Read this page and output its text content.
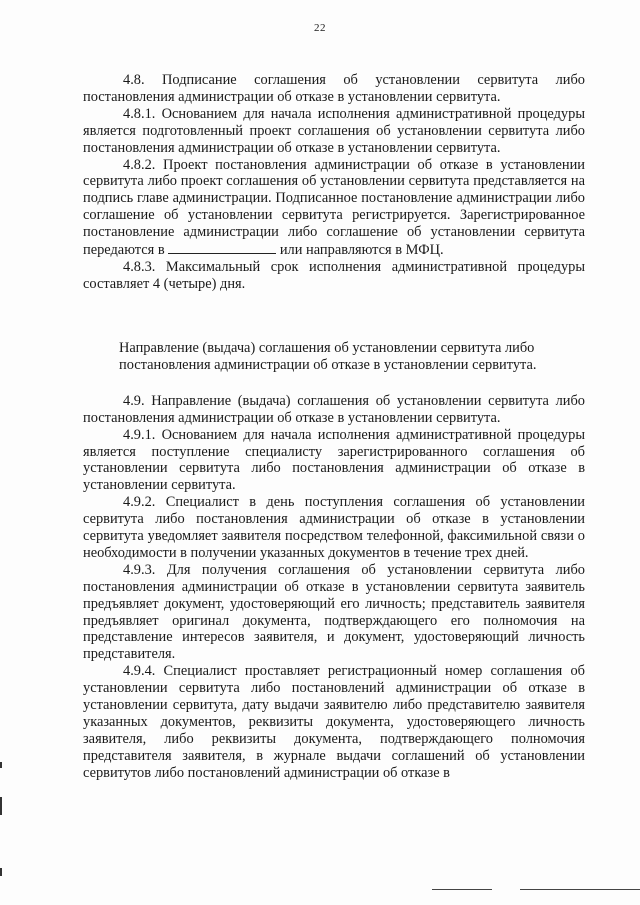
22

4.8. Подписание соглашения об установлении сервитута либо постановления администрации об отказе в установлении сервитута.

4.8.1. Основанием для начала исполнения административной процедуры является подготовленный проект соглашения об установлении сервитута либо постановления администрации об отказе в установлении сервитута.

4.8.2. Проект постановления администрации об отказе в установлении сервитута либо проект соглашения об установлении сервитута представляется на подпись главе администрации. Подписанное постановление администрации либо соглашение об установлении сервитута регистрируется. Зарегистрированное постановление администрации либо соглашение об установлении сервитута передаются в	или направляются в МФЦ.

4.8.3. Максимальный срок исполнения административной процедуры составляет 4 (четыре) дня.

Направление (выдача) соглашения об установлении сервитута либо
постановления администрации об отказе в установлении сервитута.

4.9. Направление (выдача) соглашения об установлении сервитута либо постановления администрации об отказе в установлении сервитута.

4.9.1. Основанием для начала исполнения административной процедуры является поступление специалисту зарегистрированного соглашения об установлении сервитута либо постановления администрации об отказе в установлении сервитута.

4.9.2. Специалист в день поступления соглашения об установлении сервитута либо постановления администрации об отказе в установлении сервитута уведомляет заявителя посредством телефонной, факсимильной связи о необходимости в получении указанных документов в течение трех дней.

4.9.3. Для получения соглашения об установлении сервитута либо постановления администрации об отказе в установлении сервитута заявитель предъявляет документ, удостоверяющий его личность; представитель заявителя предъявляет оригинал документа, подтверждающего его полномочия на представление интересов заявителя, и документ, удостоверяющий личность представителя.

4.9.4. Специалист проставляет регистрационный номер соглашения об установлении сервитута либо постановлений администрации об отказе в установлении сервитута, дату выдачи заявителю либо представителю заявителя указанных документов, реквизиты документа, удостоверяющего личность заявителя, либо реквизиты документа, подтверждающего полномочия представителя заявителя, в журнале выдачи соглашений об установлении сервитутов либо постановлений администрации об отказе в
